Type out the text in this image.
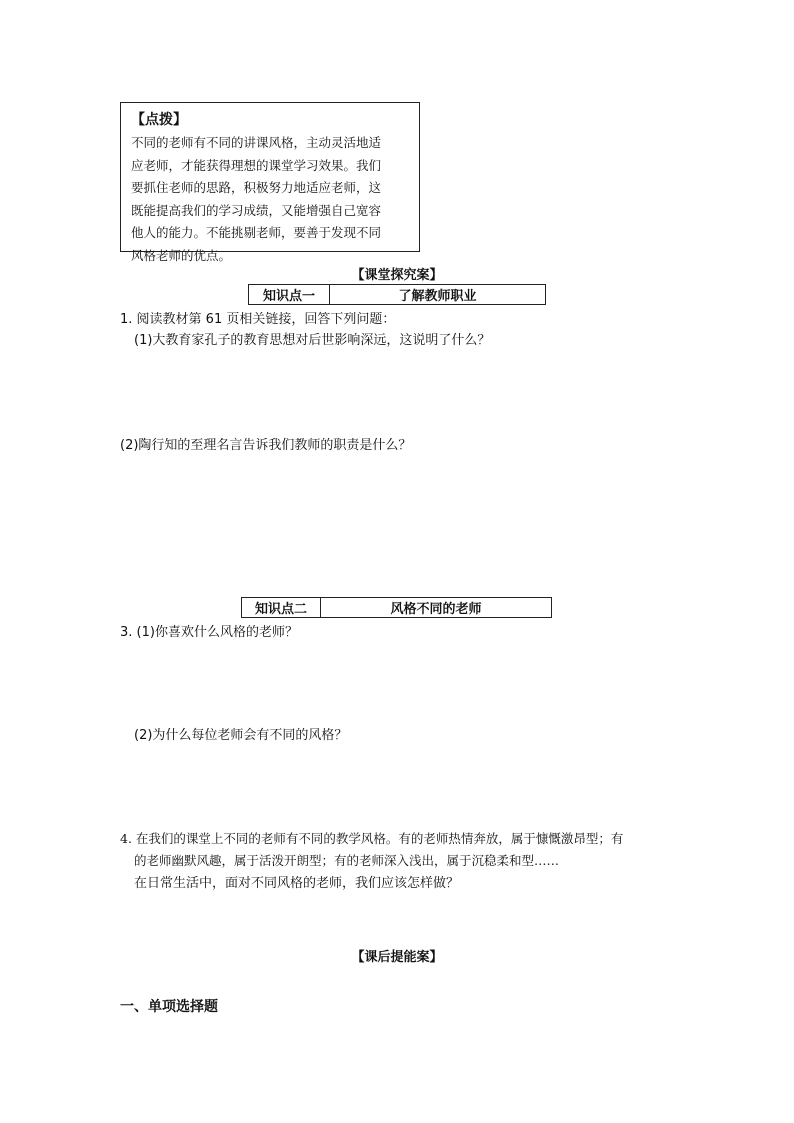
【点拨】
不同的老师有不同的讲课风格，主动灵活地适
应老师，才能获得理想的课堂学习效果。我们
要抓住老师的思路，积极努力地适应老师，这
既能提高我们的学习成绩，又能增强自己宽容
他人的能力。不能挑剔老师，要善于发现不同
风格老师的优点。
【课堂探究案】
知识点一	了解教师职业
1. 阅读教材第 61 页相关链接，回答下列问题：
(1)大教育家孔子的教育思想对后世影响深远，这说明了什么？
(2)陶行知的至理名言告诉我们教师的职责是什么？
知识点二	风格不同的老师
3. (1)你喜欢什么风格的老师？
(2)为什么每位老师会有不同的风格？
4. 在我们的课堂上不同的老师有不同的教学风格。有的老师热情奔放，属于慷慨激昂型；有
的老师幽默风趣，属于活泼开朗型；有的老师深入浅出，属于沉稳柔和型……
在日常生活中，面对不同风格的老师，我们应该怎样做？
【课后提能案】
一、单项选择题
